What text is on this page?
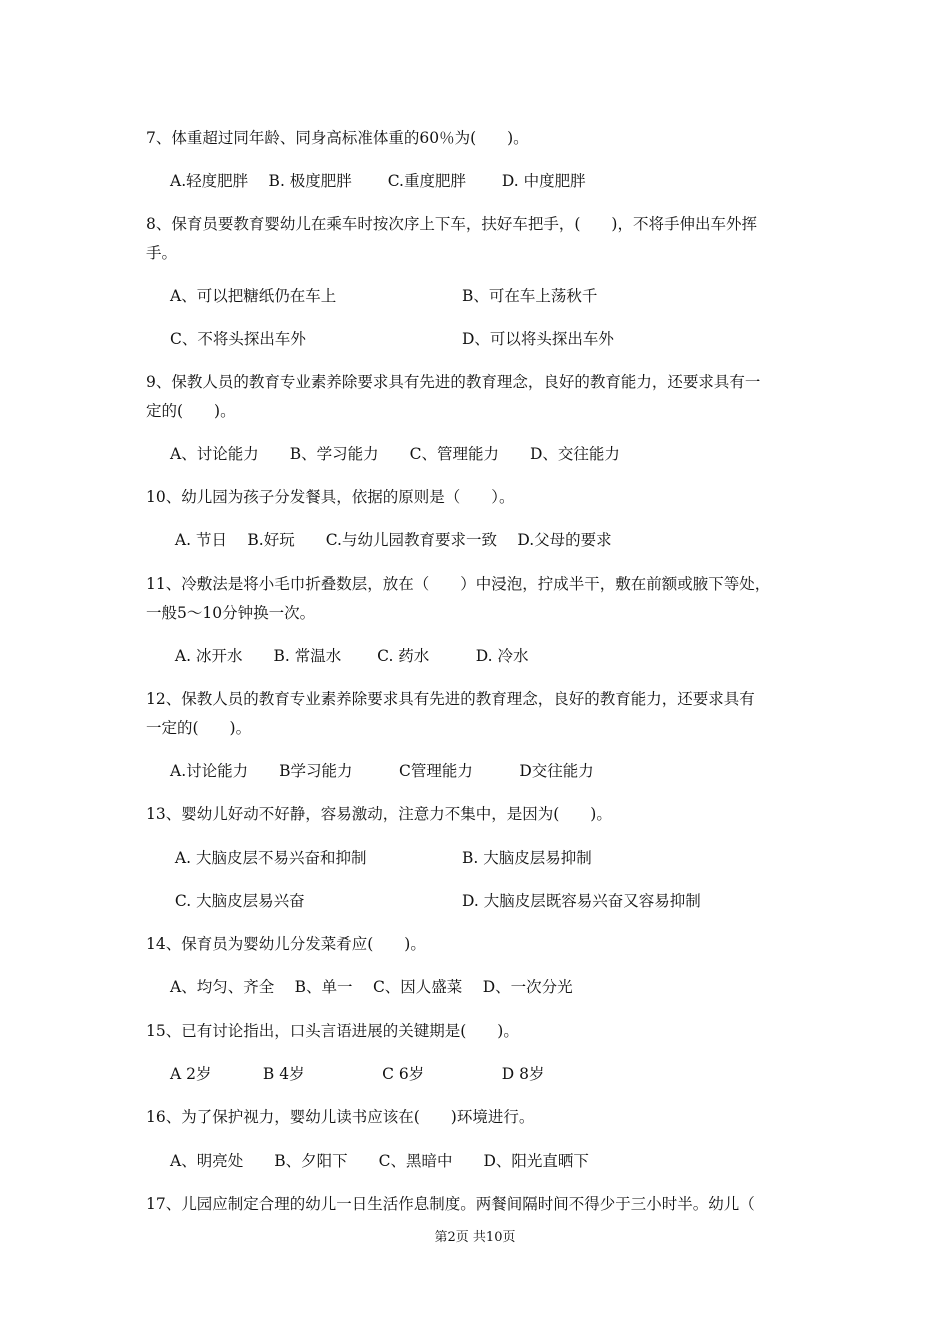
7、体重超过同年龄、同身高标准体重的60％为(　　)。
A.轻度肥胖　 B. 极度肥胖　　 C.重度肥胖　　 D. 中度肥胖
8、保育员要教育婴幼儿在乘车时按次序上下车，扶好车把手，(　　)，不将手伸出车外挥
手。
A、可以把糖纸仍在车上	B、可在车上荡秋千
C、不将头探出车外	D、可以将头探出车外
9、保教人员的教育专业素养除要求具有先进的教育理念，良好的教育能力，还要求具有一
定的(　　)。
A、讨论能力　　B、学习能力　　C、管理能力　　D、交往能力
10、幼儿园为孩子分发餐具，依据的原则是（　　）。
A. 节日　 B.好玩　　C.与幼儿园教育要求一致　 D.父母的要求
11、冷敷法是将小毛巾折叠数层，放在（　　）中浸泡，拧成半干，敷在前额或腋下等处，
一般5～10分钟换一次。
A. 冰开水　　B. 常温水　　 C. 药水　　　D. 冷水
12、保教人员的教育专业素养除要求具有先进的教育理念，良好的教育能力，还要求具有
一定的(　　)。
A.讨论能力　　B学习能力　　　C管理能力　　　D交往能力
13、婴幼儿好动不好静，容易激动，注意力不集中，是因为(　　)。
A. 大脑皮层不易兴奋和抑制	B. 大脑皮层易抑制
C. 大脑皮层易兴奋	D. 大脑皮层既容易兴奋又容易抑制
14、保育员为婴幼儿分发菜肴应(　　)。
A、均匀、齐全　 B、单一　 C、因人盛菜　 D、一次分光
15、已有讨论指出，口头言语进展的关键期是(　　)。
A 2岁　　　 B 4岁　　　　　C 6岁　　　　　D 8岁
16、为了保护视力，婴幼儿读书应该在(　　)环境进行。
A、明亮处　　B、夕阳下　　C、黑暗中　　D、阳光直晒下
17、儿园应制定合理的幼儿一日生活作息制度。两餐间隔时间不得少于三小时半。幼儿（
第2页 共10页
